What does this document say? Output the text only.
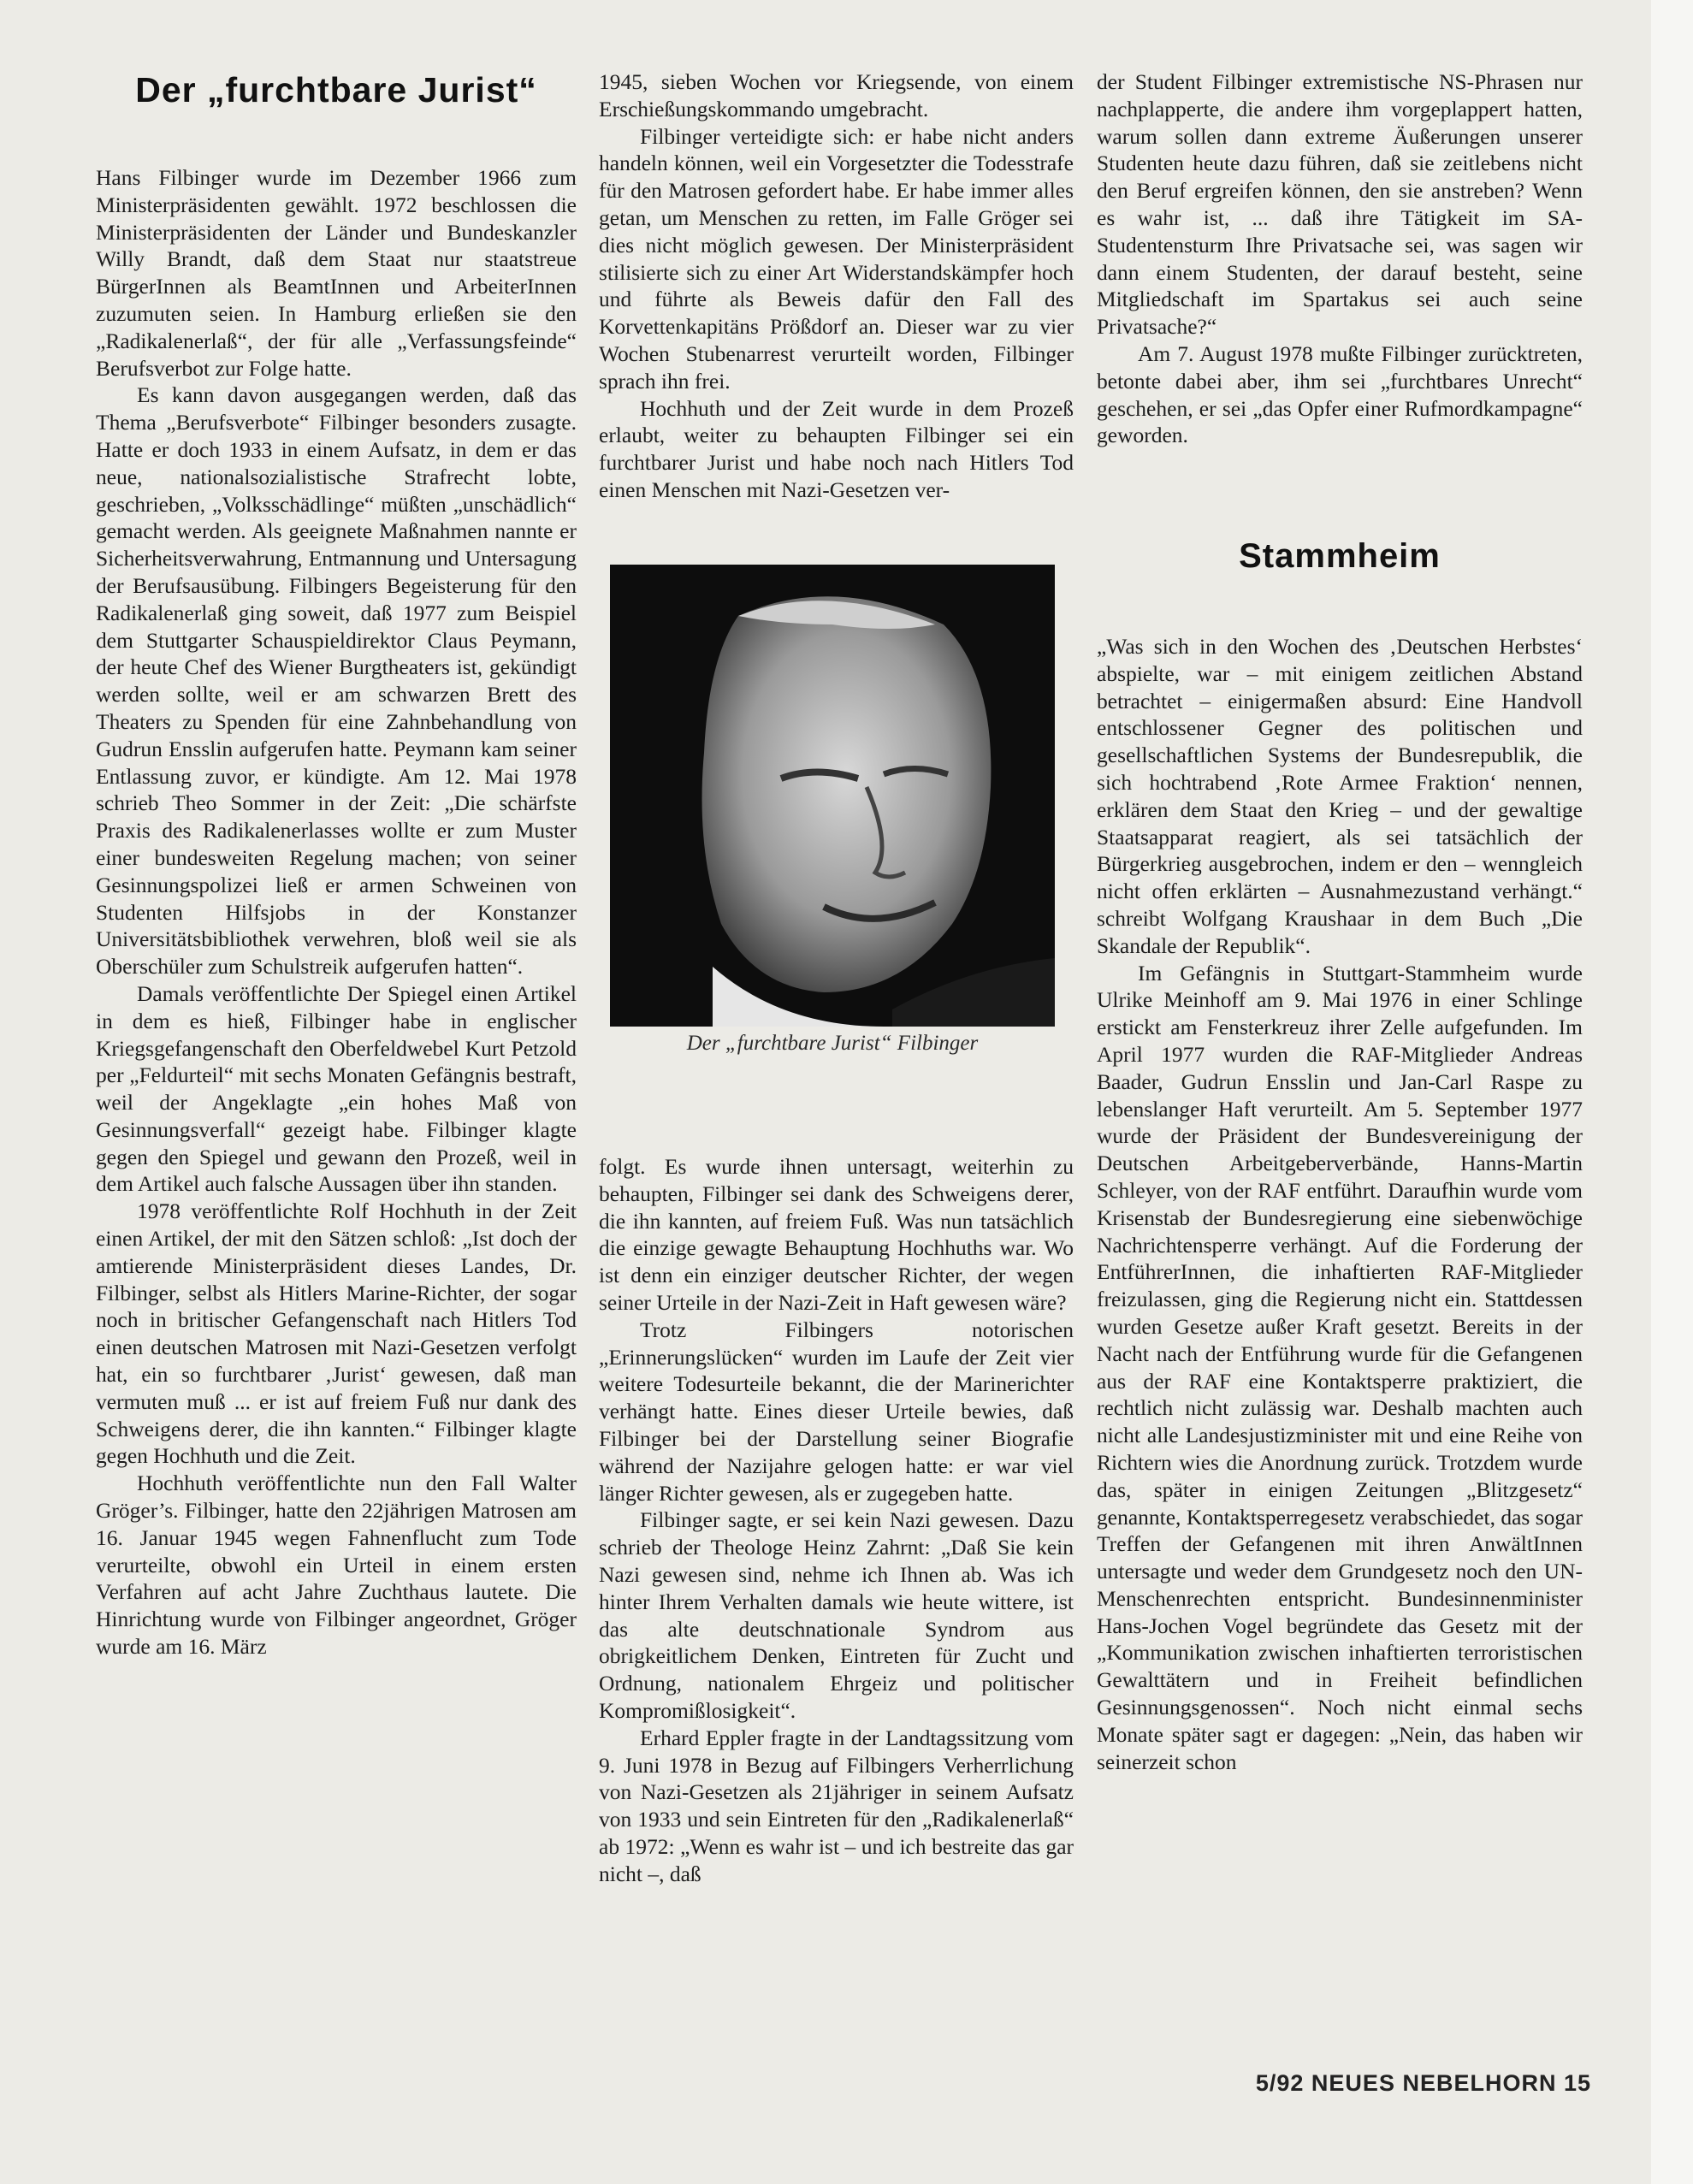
Der „furchtbare Jurist“

Hans Filbinger wurde im Dezember 1966 zum Ministerpräsidenten gewählt. 1972 beschlossen die Ministerpräsidenten der Länder und Bundeskanzler Willy Brandt, daß dem Staat nur staatstreue BürgerInnen als BeamtInnen und ArbeiterInnen zuzumuten seien. In Hamburg erließen sie den „Radikalenerlaß“, der für alle „Verfassungsfeinde“ Berufsverbot zur Folge hatte.

Es kann davon ausgegangen werden, daß das Thema „Berufsverbote“ Filbinger besonders zusagte. Hatte er doch 1933 in einem Aufsatz, in dem er das neue, nationalsozialistische Strafrecht lobte, geschrieben, „Volksschädlinge“ müßten „unschädlich“ gemacht werden. Als geeignete Maßnahmen nannte er Sicherheitsverwahrung, Entmannung und Untersagung der Berufsausübung. Filbingers Begeisterung für den Radikalenerlaß ging soweit, daß 1977 zum Beispiel dem Stuttgarter Schauspieldirektor Claus Peymann, der heute Chef des Wiener Burgtheaters ist, gekündigt werden sollte, weil er am schwarzen Brett des Theaters zu Spenden für eine Zahnbehandlung von Gudrun Ensslin aufgerufen hatte. Peymann kam seiner Entlassung zuvor, er kündigte. Am 12. Mai 1978 schrieb Theo Sommer in der Zeit: „Die schärfste Praxis des Radikalenerlasses wollte er zum Muster einer bundesweiten Regelung machen; von seiner Gesinnungspolizei ließ er armen Schweinen von Studenten Hilfsjobs in der Konstanzer Universitätsbibliothek verwehren, bloß weil sie als Oberschüler zum Schulstreik aufgerufen hatten“.

Damals veröffentlichte Der Spiegel einen Artikel in dem es hieß, Filbinger habe in englischer Kriegsgefangenschaft den Oberfeldwebel Kurt Petzold per „Feldurteil“ mit sechs Monaten Gefängnis bestraft, weil der Angeklagte „ein hohes Maß von Gesinnungsverfall“ gezeigt habe. Filbinger klagte gegen den Spiegel und gewann den Prozeß, weil in dem Artikel auch falsche Aussagen über ihn standen.

1978 veröffentlichte Rolf Hochhuth in der Zeit einen Artikel, der mit den Sätzen schloß: „Ist doch der amtierende Ministerpräsident dieses Landes, Dr. Filbinger, selbst als Hitlers Marine-Richter, der sogar noch in britischer Gefangenschaft nach Hitlers Tod einen deutschen Matrosen mit Nazi-Gesetzen verfolgt hat, ein so furchtbarer ‚Jurist‘ gewesen, daß man vermuten muß ... er ist auf freiem Fuß nur dank des Schweigens derer, die ihn kannten.“ Filbinger klagte gegen Hochhuth und die Zeit.

Hochhuth veröffentlichte nun den Fall Walter Gröger’s. Filbinger, hatte den 22jährigen Matrosen am 16. Januar 1945 wegen Fahnenflucht zum Tode verurteilte, obwohl ein Urteil in einem ersten Verfahren auf acht Jahre Zuchthaus lautete. Die Hinrichtung wurde von Filbinger angeordnet, Gröger wurde am 16. März

1945, sieben Wochen vor Kriegsende, von einem Erschießungskommando umgebracht.

Filbinger verteidigte sich: er habe nicht anders handeln können, weil ein Vorgesetzter die Todesstrafe für den Matrosen gefordert habe. Er habe immer alles getan, um Menschen zu retten, im Falle Gröger sei dies nicht möglich gewesen. Der Ministerpräsident stilisierte sich zu einer Art Widerstandskämpfer hoch und führte als Beweis dafür den Fall des Korvettenkapitäns Prößdorf an. Dieser war zu vier Wochen Stubenarrest verurteilt worden, Filbinger sprach ihn frei.

Hochhuth und der Zeit wurde in dem Prozeß erlaubt, weiter zu behaupten Filbinger sei ein furchtbarer Jurist und habe noch nach Hitlers Tod einen Menschen mit Nazi-Gesetzen ver-

Der „furchtbare Jurist“ Filbinger

folgt. Es wurde ihnen untersagt, weiterhin zu behaupten, Filbinger sei dank des Schweigens derer, die ihn kannten, auf freiem Fuß. Was nun tatsächlich die einzige gewagte Behauptung Hochhuths war. Wo ist denn ein einziger deutscher Richter, der wegen seiner Urteile in der Nazi-Zeit in Haft gewesen wäre?

Trotz Filbingers notorischen „Erinnerungslücken“ wurden im Laufe der Zeit vier weitere Todesurteile bekannt, die der Marinerichter verhängt hatte. Eines dieser Urteile bewies, daß Filbinger bei der Darstellung seiner Biografie während der Nazijahre gelogen hatte: er war viel länger Richter gewesen, als er zugegeben hatte.

Filbinger sagte, er sei kein Nazi gewesen. Dazu schrieb der Theologe Heinz Zahrnt: „Daß Sie kein Nazi gewesen sind, nehme ich Ihnen ab. Was ich hinter Ihrem Verhalten damals wie heute wittere, ist das alte deutschnationale Syndrom aus obrigkeitlichem Denken, Eintreten für Zucht und Ordnung, nationalem Ehrgeiz und politischer Kompromißlosigkeit“.

Erhard Eppler fragte in der Landtagssitzung vom 9. Juni 1978 in Bezug auf Filbingers Verherrlichung von Nazi-Gesetzen als 21jähriger in seinem Aufsatz von 1933 und sein Eintreten für den „Radikalenerlaß“ ab 1972: „Wenn es wahr ist – und ich bestreite das gar nicht –, daß

der Student Filbinger extremistische NS-Phrasen nur nachplapperte, die andere ihm vorgeplappert hatten, warum sollen dann extreme Äußerungen unserer Studenten heute dazu führen, daß sie zeitlebens nicht den Beruf ergreifen können, den sie anstreben? Wenn es wahr ist, ... daß ihre Tätigkeit im SA-Studentensturm Ihre Privatsache sei, was sagen wir dann einem Studenten, der darauf besteht, seine Mitgliedschaft im Spartakus sei auch seine Privatsache?“

Am 7. August 1978 mußte Filbinger zurücktreten, betonte dabei aber, ihm sei „furchtbares Unrecht“ geschehen, er sei „das Opfer einer Rufmordkampagne“ geworden.

Stammheim

„Was sich in den Wochen des ‚Deutschen Herbstes‘ abspielte, war – mit einigem zeitlichen Abstand betrachtet – einigermaßen absurd: Eine Handvoll entschlossener Gegner des politischen und gesellschaftlichen Systems der Bundesrepublik, die sich hochtrabend ‚Rote Armee Fraktion‘ nennen, erklären dem Staat den Krieg – und der gewaltige Staatsapparat reagiert, als sei tatsächlich der Bürgerkrieg ausgebrochen, indem er den – wenngleich nicht offen erklärten – Ausnahmezustand verhängt.“ schreibt Wolfgang Kraushaar in dem Buch „Die Skandale der Republik“.

Im Gefängnis in Stuttgart-Stammheim wurde Ulrike Meinhoff am 9. Mai 1976 in einer Schlinge erstickt am Fensterkreuz ihrer Zelle aufgefunden. Im April 1977 wurden die RAF-Mitglieder Andreas Baader, Gudrun Ensslin und Jan-Carl Raspe zu lebenslanger Haft verurteilt. Am 5. September 1977 wurde der Präsident der Bundesvereinigung der Deutschen Arbeitgeberverbände, Hanns-Martin Schleyer, von der RAF entführt. Daraufhin wurde vom Krisenstab der Bundesregierung eine siebenwöchige Nachrichtensperre verhängt. Auf die Forderung der EntführerInnen, die inhaftierten RAF-Mitglieder freizulassen, ging die Regierung nicht ein. Stattdessen wurden Gesetze außer Kraft gesetzt. Bereits in der Nacht nach der Entführung wurde für die Gefangenen aus der RAF eine Kontaktsperre praktiziert, die rechtlich nicht zulässig war. Deshalb machten auch nicht alle Landesjustizminister mit und eine Reihe von Richtern wies die Anordnung zurück. Trotzdem wurde das, später in einigen Zeitungen „Blitzgesetz“ genannte, Kontaktsperregesetz verabschiedet, das sogar Treffen der Gefangenen mit ihren AnwältInnen untersagte und weder dem Grundgesetz noch den UN-Menschenrechten entspricht. Bundesinnenminister Hans-Jochen Vogel begründete das Gesetz mit der „Kommunikation zwischen inhaftierten terroristischen Gewalttätern und in Freiheit befindlichen Gesinnungsgenossen“. Noch nicht einmal sechs Monate später sagt er dagegen: „Nein, das haben wir seinerzeit schon

5/92 NEUES NEBELHORN 15
